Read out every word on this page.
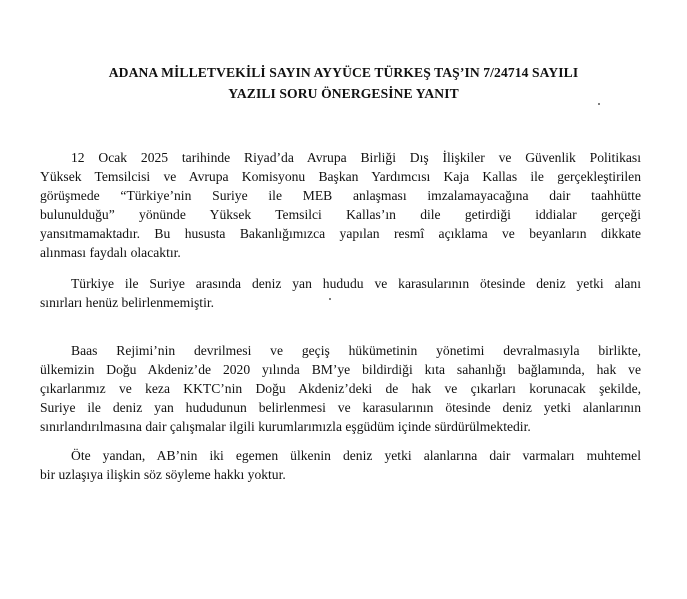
ADANA MİLLETVEKİLİ SAYIN AYYÜCE TÜRKEŞ TAŞ’IN 7/24714 SAYILI
YAZILI SORU ÖNERGESİNE YANIT
12 Ocak 2025 tarihinde Riyad’da Avrupa Birliği Dış İlişkiler ve Güvenlik Politikası
Yüksek Temsilcisi ve Avrupa Komisyonu Başkan Yardımcısı Kaja Kallas ile gerçekleştirilen
görüşmede “Türkiye’nin Suriye ile MEB anlaşması imzalamayacağına dair taahhütte
bulunulduğu” yönünde Yüksek Temsilci Kallas’ın dile getirdiği iddialar gerçeği
yansıtmamaktadır. Bu hususta Bakanlığımızca yapılan resmî açıklama ve beyanların dikkate
alınması faydalı olacaktır.
Türkiye ile Suriye arasında deniz yan hududu ve karasularının ötesinde deniz yetki alanı
sınırları henüz belirlenmemiştir.
Baas Rejimi’nin devrilmesi ve geçiş hükümetinin yönetimi devralmasıyla birlikte,
ülkemizin Doğu Akdeniz’de 2020 yılında BM’ye bildirdiği kıta sahanlığı bağlamında, hak ve
çıkarlarımız ve keza KKTC’nin Doğu Akdeniz’deki de hak ve çıkarları korunacak şekilde,
Suriye ile deniz yan hududunun belirlenmesi ve karasularının ötesinde deniz yetki alanlarının
sınırlandırılmasına dair çalışmalar ilgili kurumlarımızla eşgüdüm içinde sürdürülmektedir.
Öte yandan, AB’nin iki egemen ülkenin deniz yetki alanlarına dair varmaları muhtemel
bir uzlaşıya ilişkin söz söyleme hakkı yoktur.
